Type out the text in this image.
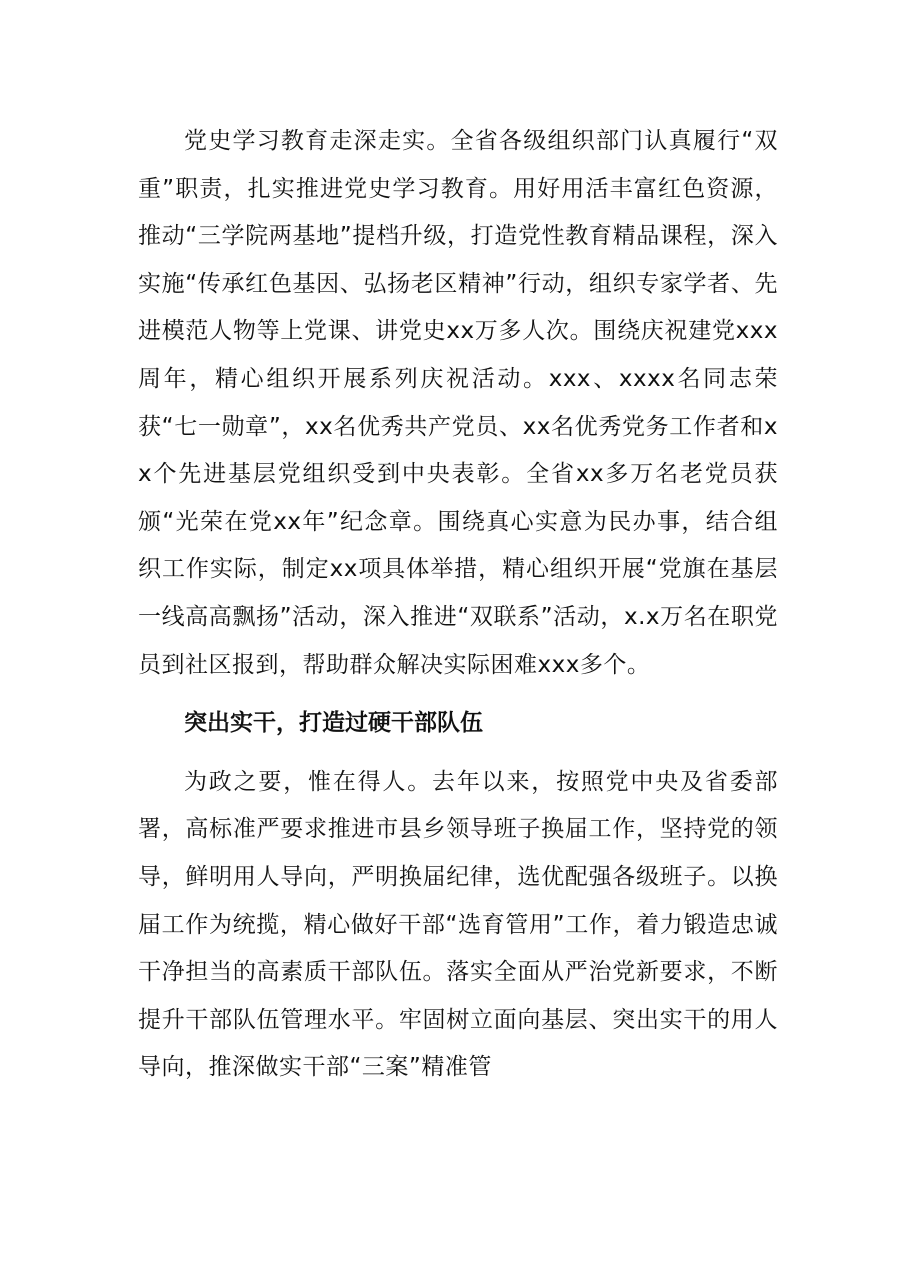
党史学习教育走深走实。全省各级组织部门认真履行“双重”职责，扎实推进党史学习教育。用好用活丰富红色资源，推动“三学院两基地”提档升级，打造党性教育精品课程，深入实施“传承红色基因、弘扬老区精神”行动，组织专家学者、先进模范人物等上党课、讲党史xx万多人次。围绕庆祝建党xxx周年，精心组织开展系列庆祝活动。xxx、xxxx名同志荣获“七一勋章”，xx名优秀共产党员、xx名优秀党务工作者和xx个先进基层党组织受到中央表彰。全省xx多万名老党员获颁“光荣在党xx年”纪念章。围绕真心实意为民办事，结合组织工作实际，制定xx项具体举措，精心组织开展“党旗在基层一线高高飘扬”活动，深入推进“双联系”活动，x.x万名在职党员到社区报到，帮助群众解决实际困难xxx多个。

突出实干，打造过硬干部队伍

为政之要，惟在得人。去年以来，按照党中央及省委部署，高标准严要求推进市县乡领导班子换届工作，坚持党的领导，鲜明用人导向，严明换届纪律，选优配强各级班子。以换届工作为统揽，精心做好干部“选育管用”工作，着力锻造忠诚干净担当的高素质干部队伍。落实全面从严治党新要求，不断提升干部队伍管理水平。牢固树立面向基层、突出实干的用人导向，推深做实干部“三案”精准管
